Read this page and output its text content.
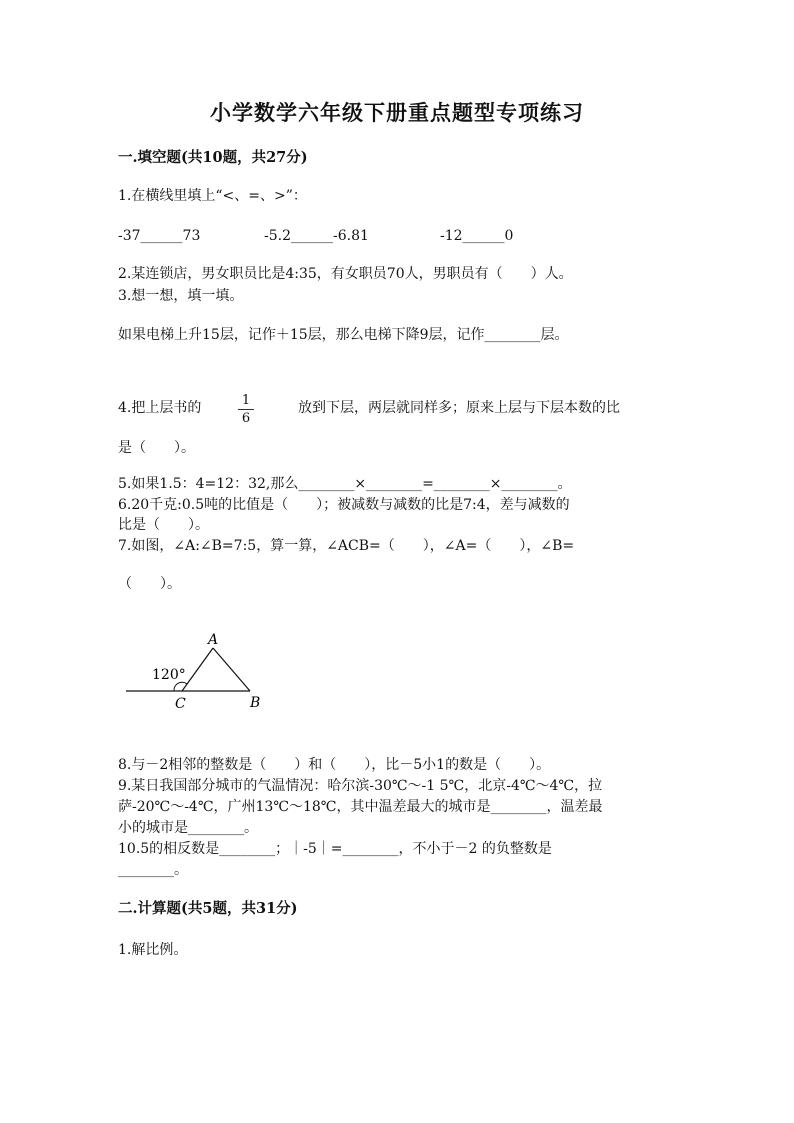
小学数学六年级下册重点题型专项练习
一.填空题(共10题，共27分)
1.在横线里填上“<、=、>”：

-37______73

	-5.2______-6.81

	-12______0

2.某连锁店，男女职员比是4:35，有女职员70人，男职员有（　　）人。
3.想一想，填一填。
如果电梯上升15层，记作＋15层，那么电梯下降9层，记作________层。
4.把上层书的	1
6
放到下层，两层就同样多；原来上层与下层本数的比
是（　　）。
5.如果1.5：4=12：32,那么________×________=________×________。
6.20千克:0.5吨的比值是（　　）；被减数与减数的比是7:4，差与减数的
比是（　　）。
7.如图，∠A:∠B=7:5，算一算，∠ACB=（　　），∠A=（　　），∠B=
（　　）。
120°
A
B
C
8.与－2相邻的整数是（　　）和（　　），比－5小1的数是（　　）。
9.某日我国部分城市的气温情况：哈尔滨-30℃～-1 5℃，北京-4℃～4℃，拉
萨-20℃～-4℃，广州13℃～18℃，其中温差最大的城市是________，温差最
小的城市是________。
10.5的相反数是________；｜-5｜=________，不小于－2 的负整数是
________。
二.计算题(共5题，共31分)
1.解比例。
